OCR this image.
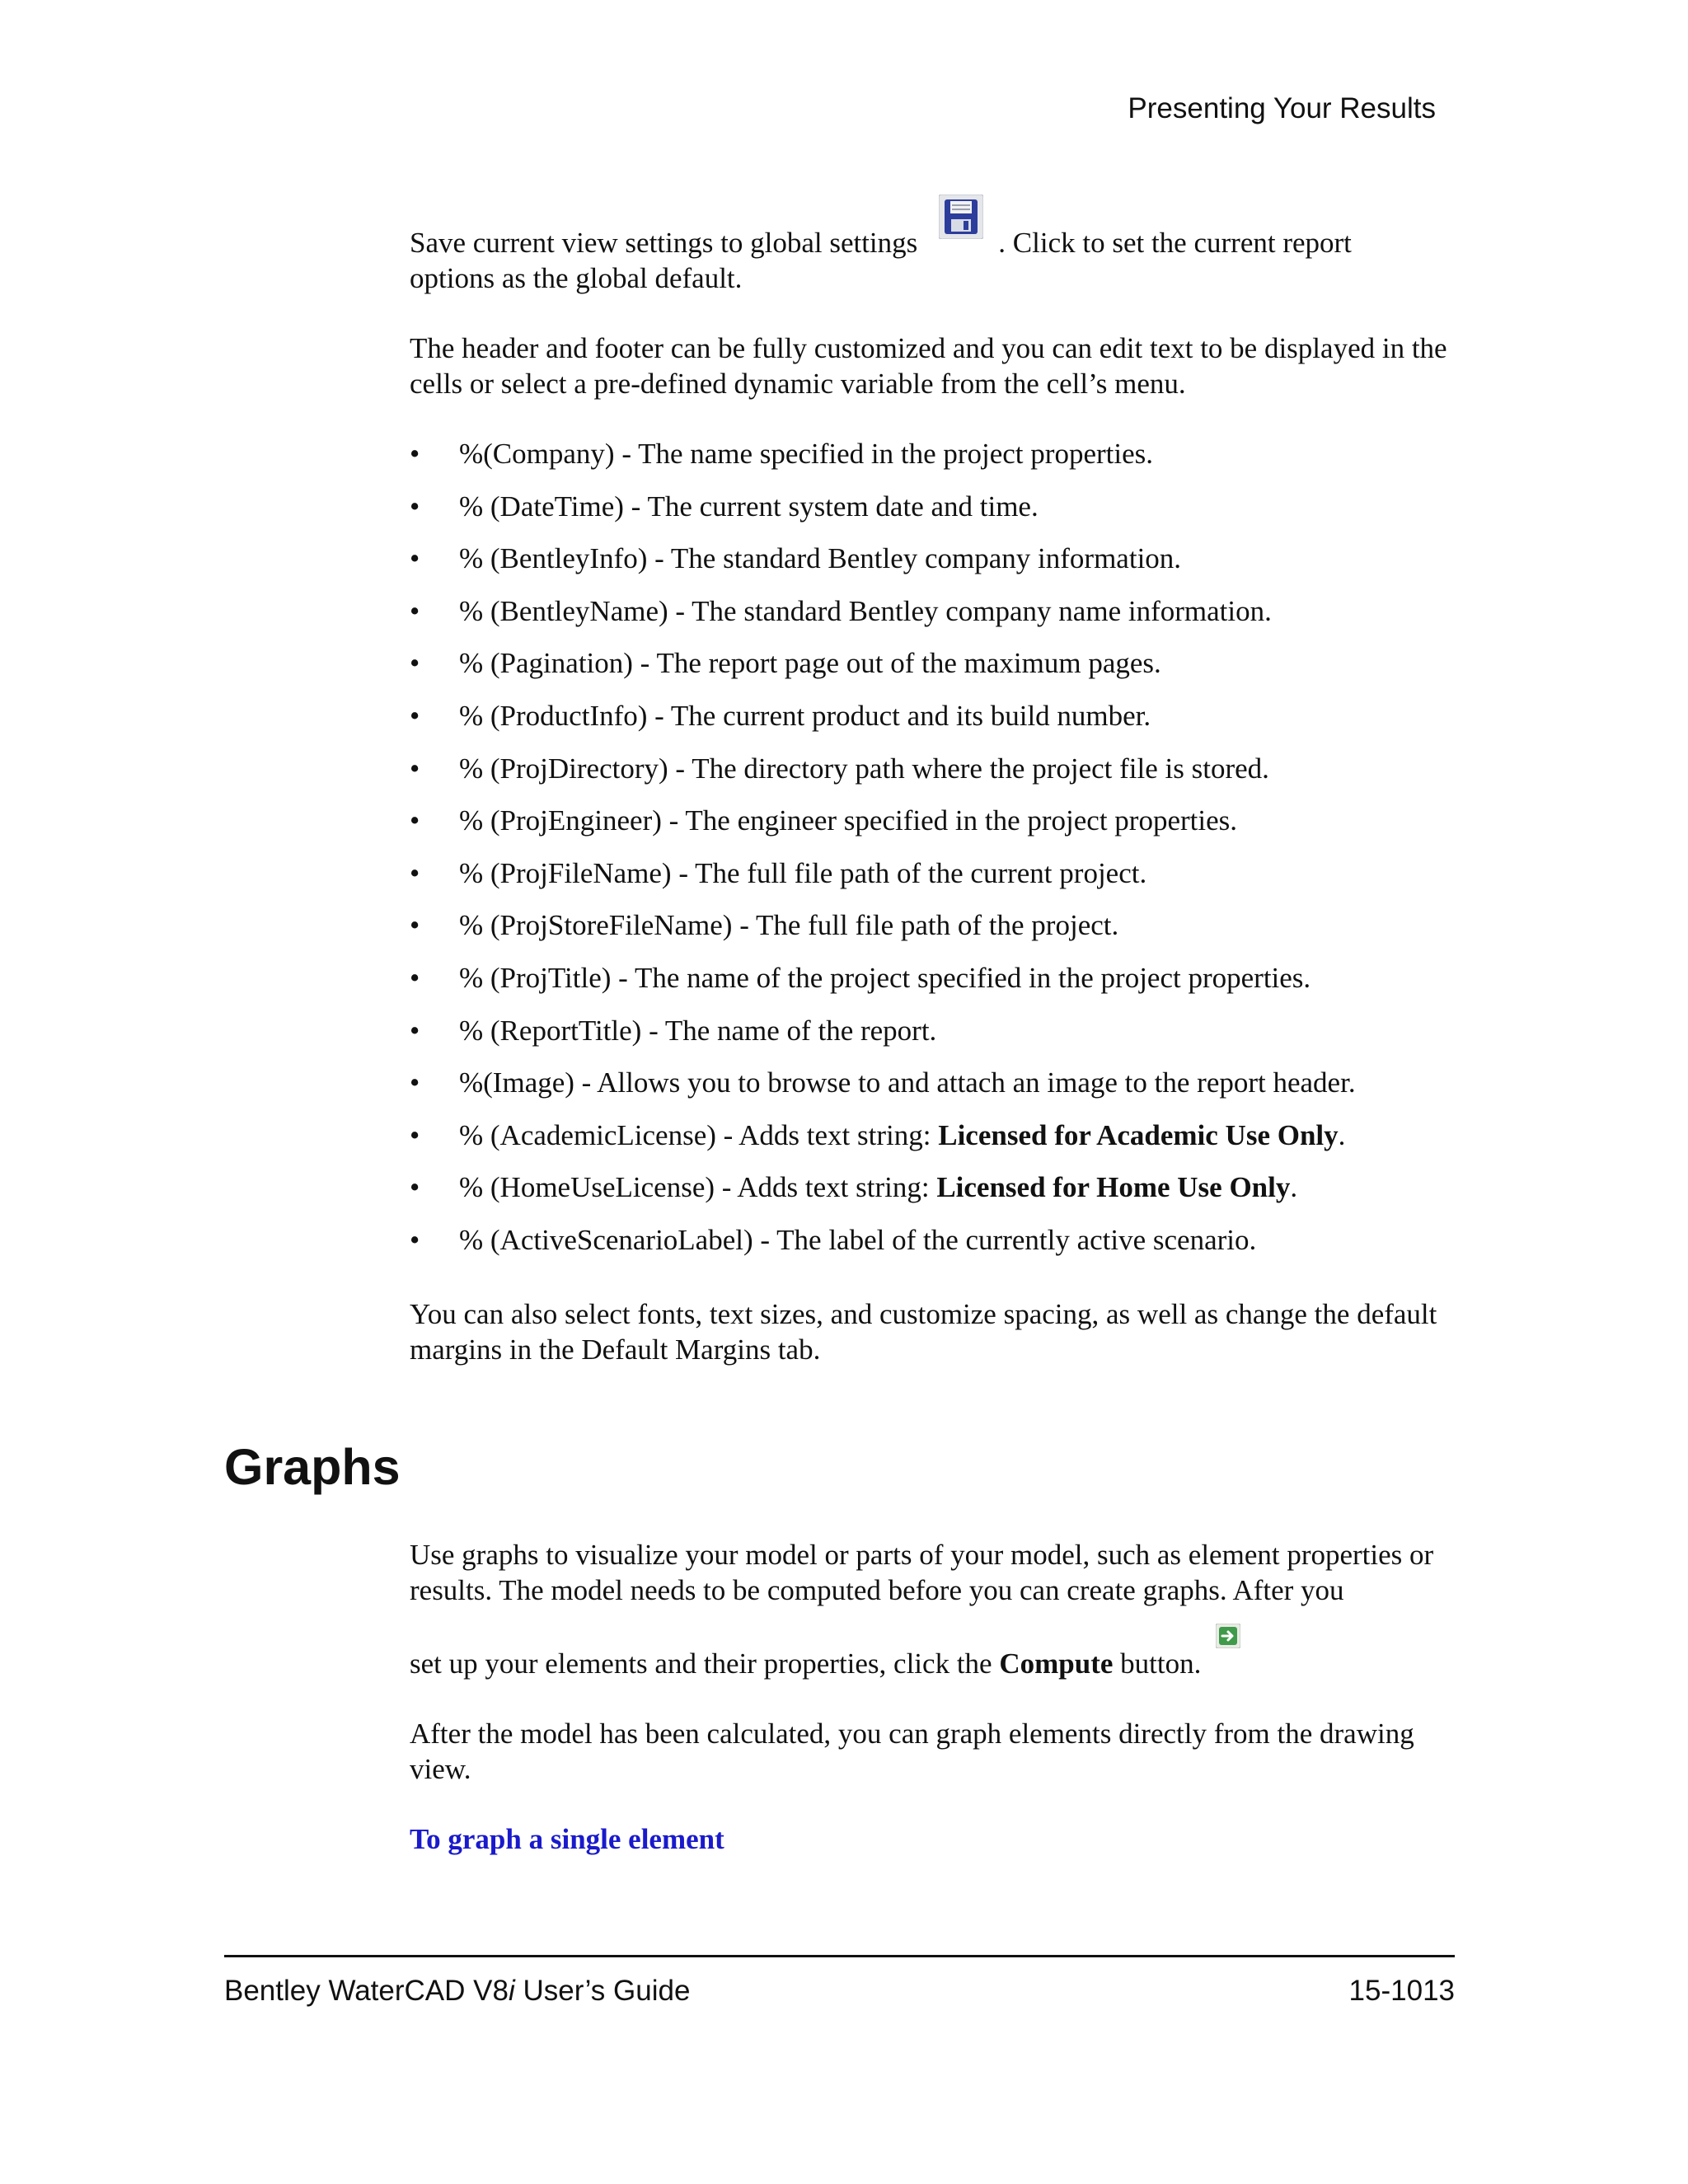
Presenting Your Results

Save current view settings to global settings	. Click to set the current report
options as the global default.

The header and footer can be fully customized and you can edit text to be displayed in the cells or select a pre-defined dynamic variable from the cell’s menu.

• %(Company) - The name specified in the project properties.
• % (DateTime) - The current system date and time.
• % (BentleyInfo) - The standard Bentley company information.
• % (BentleyName) - The standard Bentley company name information.
• % (Pagination) - The report page out of the maximum pages.
• % (ProductInfo) - The current product and its build number.
• % (ProjDirectory) - The directory path where the project file is stored.
• % (ProjEngineer) - The engineer specified in the project properties.
• % (ProjFileName) - The full file path of the current project.
• % (ProjStoreFileName) - The full file path of the project.
• % (ProjTitle) - The name of the project specified in the project properties.
• % (ReportTitle) - The name of the report.
• %(Image) - Allows you to browse to and attach an image to the report header.
• % (AcademicLicense) - Adds text string: Licensed for Academic Use Only.
• % (HomeUseLicense) - Adds text string: Licensed for Home Use Only.
• % (ActiveScenarioLabel) - The label of the currently active scenario.

You can also select fonts, text sizes, and customize spacing, as well as change the default margins in the Default Margins tab.

Graphs

Use graphs to visualize your model or parts of your model, such as element properties or results. The model needs to be computed before you can create graphs. After you

set up your elements and their properties, click the Compute button.

After the model has been calculated, you can graph elements directly from the drawing view.

To graph a single element

Bentley WaterCAD V8i User’s Guide	15-1013
